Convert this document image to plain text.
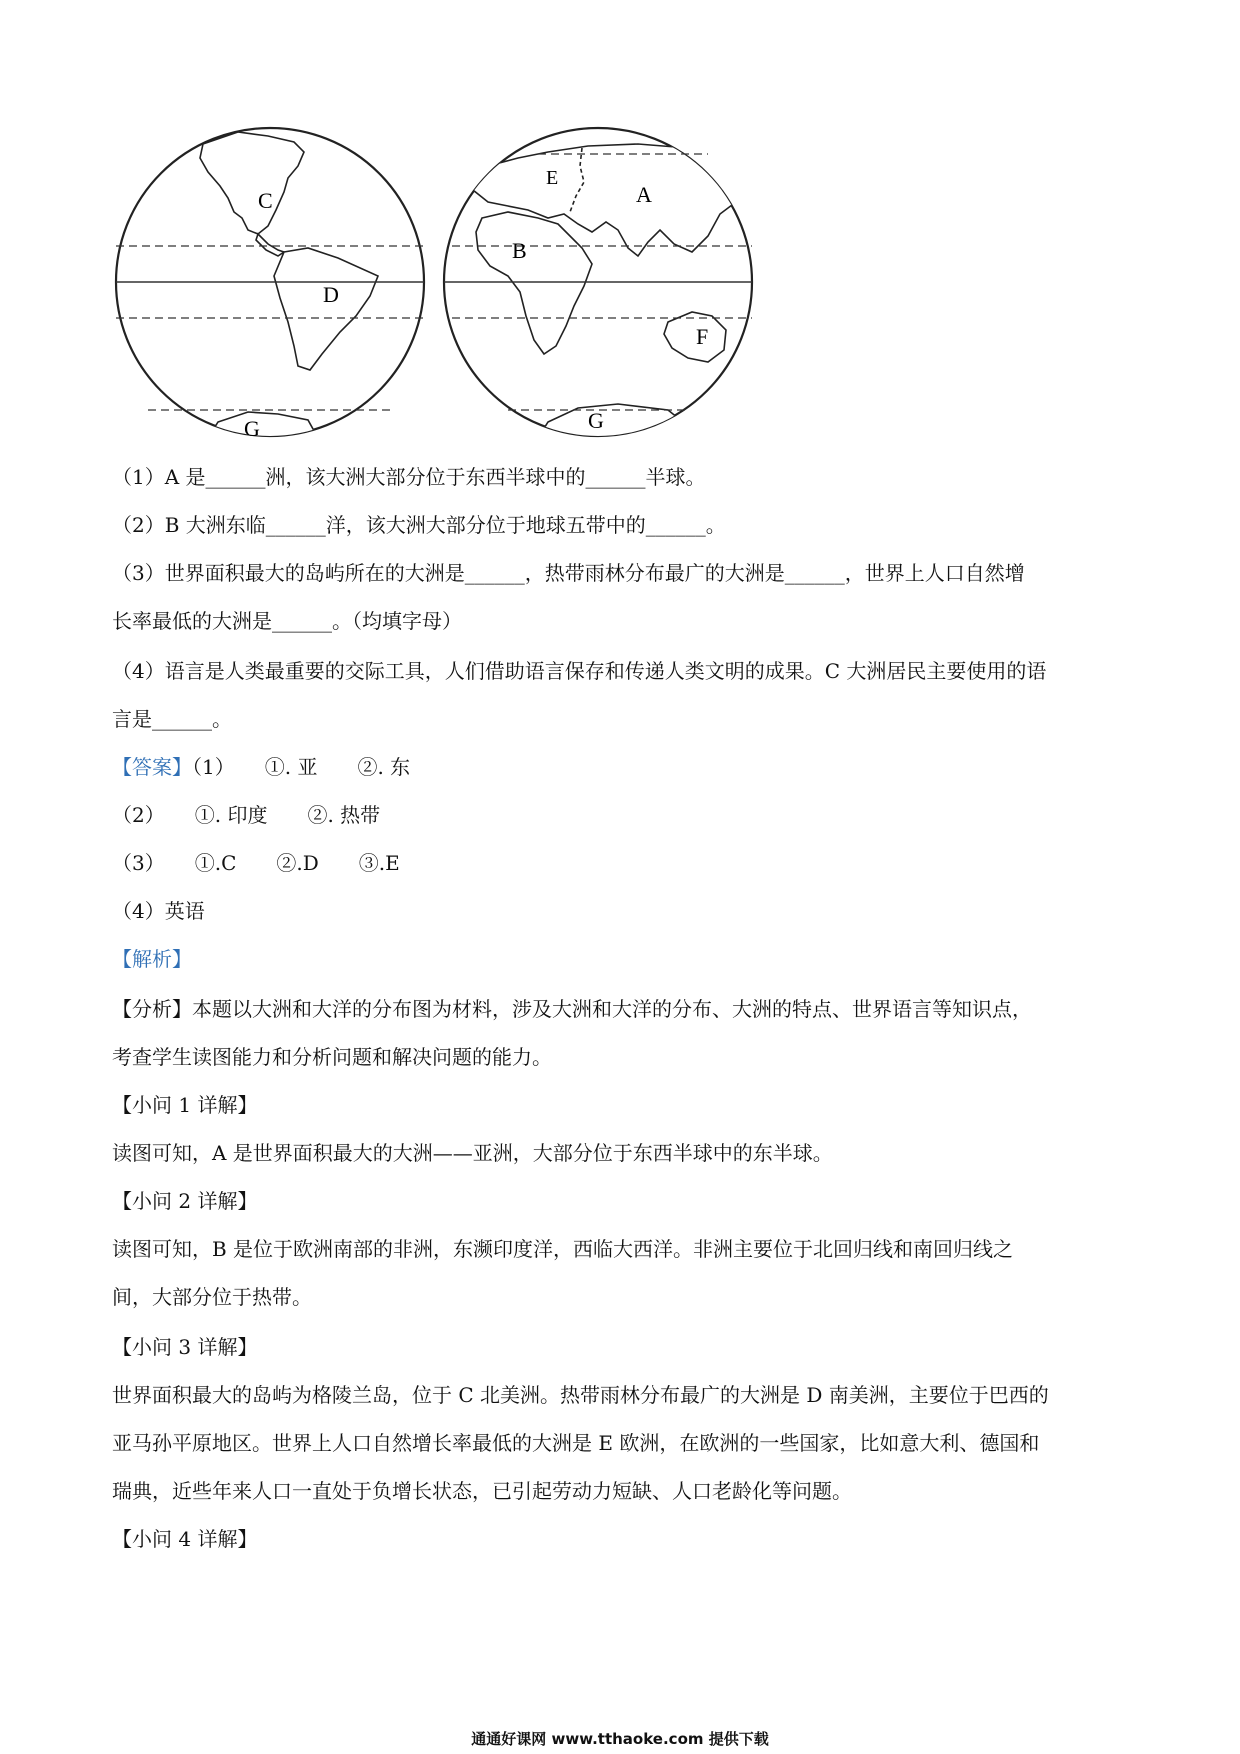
C
D
G
A
E
B
F
G
（1）A 是______洲，该大洲大部分位于东西半球中的______半球。
（2）B 大洲东临______洋，该大洲大部分位于地球五带中的______。
（3）世界面积最大的岛屿所在的大洲是______，热带雨林分布最广的大洲是______，世界上人口自然增
长率最低的大洲是______。（均填字母）
（4）语言是人类最重要的交际工具，人们借助语言保存和传递人类文明的成果。C 大洲居民主要使用的语
言是______。
【答案】（1）　　①. 亚　　②. 东
（2）　　①. 印度　　②. 热带
（3）　　①.C　　②.D　　③.E
（4）英语
【解析】
【分析】本题以大洲和大洋的分布图为材料，涉及大洲和大洋的分布、大洲的特点、世界语言等知识点，
考查学生读图能力和分析问题和解决问题的能力。
【小问 1 详解】
读图可知，A 是世界面积最大的大洲——亚洲，大部分位于东西半球中的东半球。
【小问 2 详解】
读图可知，B 是位于欧洲南部的非洲，东濒印度洋，西临大西洋。非洲主要位于北回归线和南回归线之
间，大部分位于热带。
【小问 3 详解】
世界面积最大的岛屿为格陵兰岛，位于 C 北美洲。热带雨林分布最广的大洲是 D 南美洲，主要位于巴西的
亚马孙平原地区。世界上人口自然增长率最低的大洲是 E 欧洲，在欧洲的一些国家，比如意大利、德国和
瑞典，近些年来人口一直处于负增长状态，已引起劳动力短缺、人口老龄化等问题。
【小问 4 详解】
通通好课网 www.tthaoke.com 提供下载
